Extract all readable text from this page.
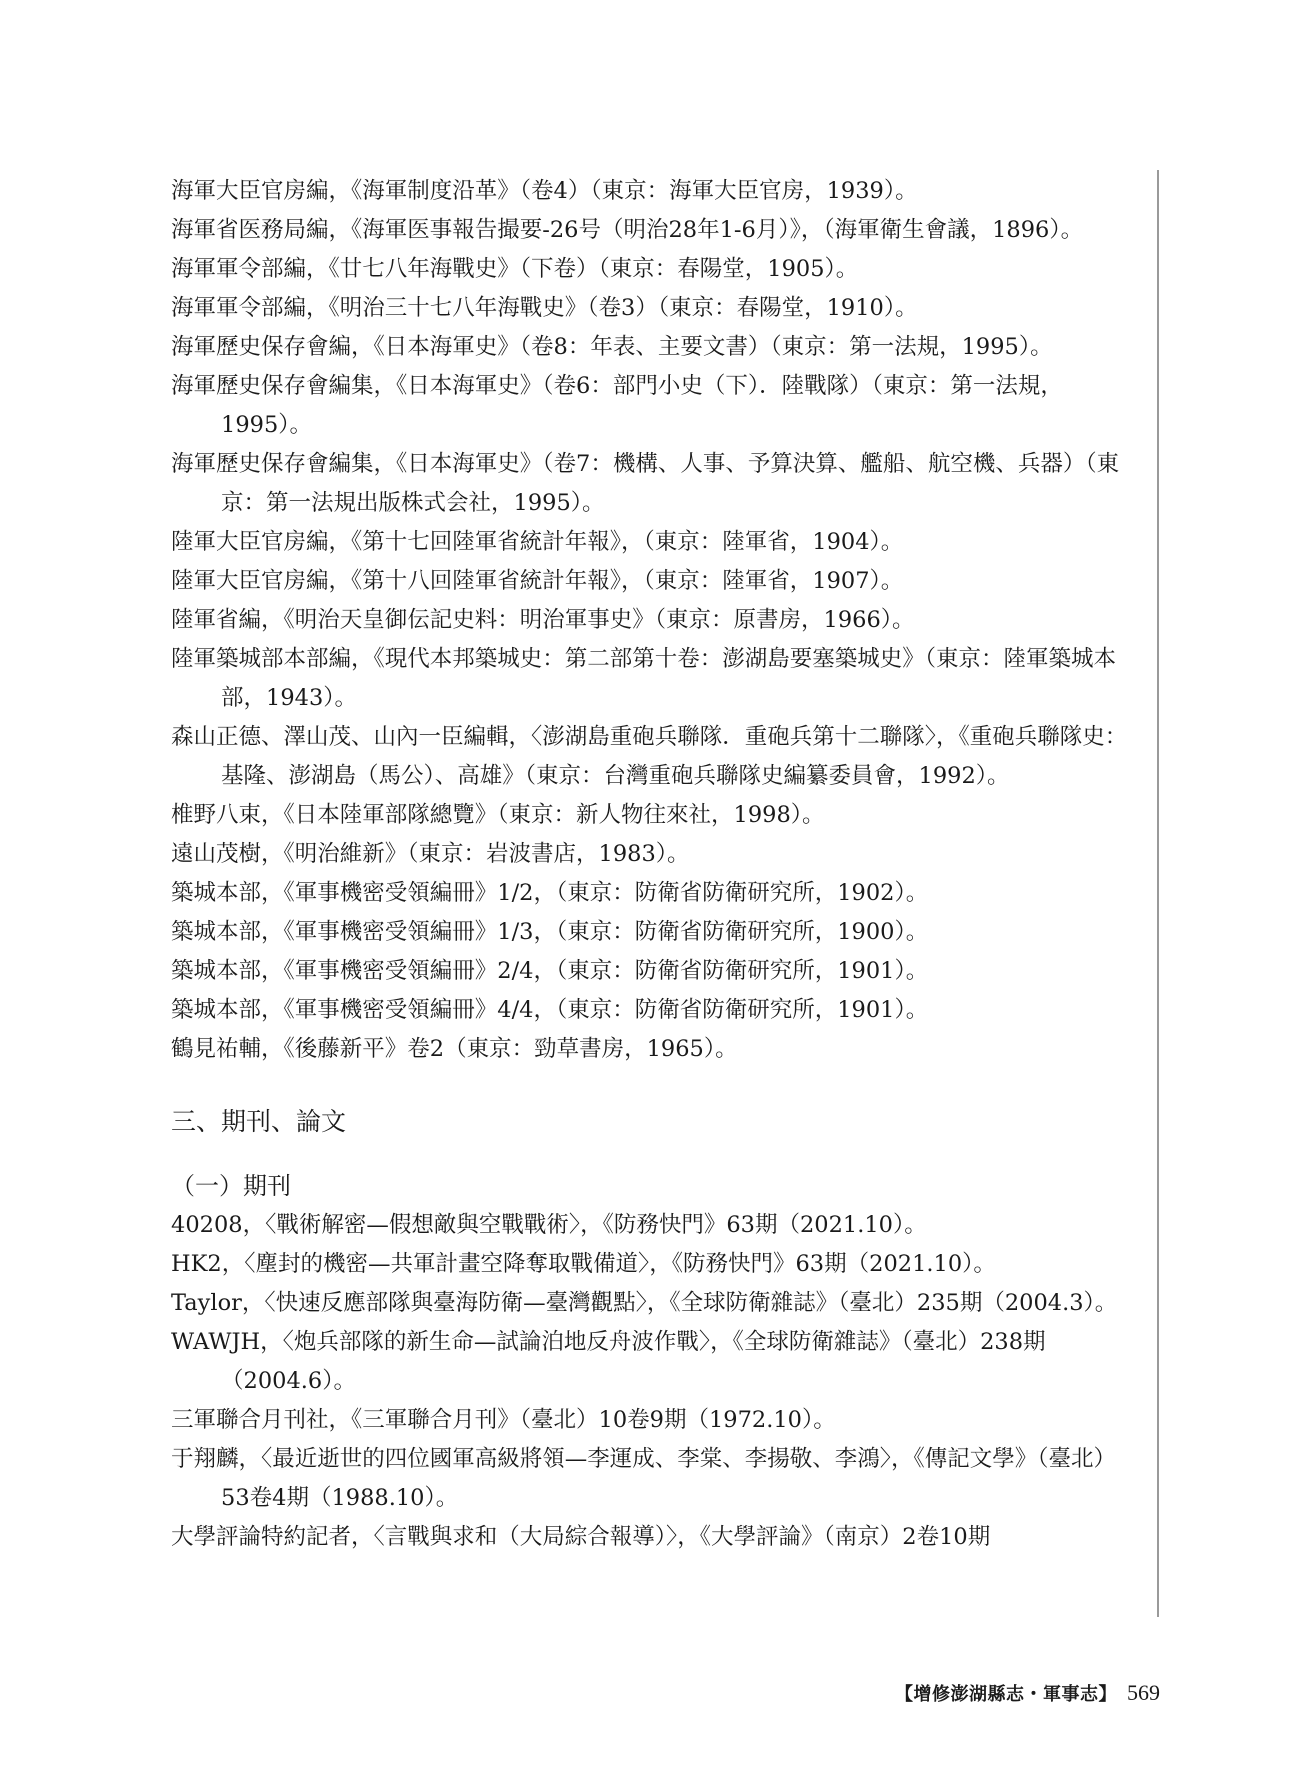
海軍大臣官房編，《海軍制度沿革》（卷4）（東京：海軍大臣官房，1939）。
海軍省医務局編，《海軍医事報告撮要-26号（明治28年1-6月）》，（海軍衛生會議，1896）。
海軍軍令部編，《廿七八年海戰史》（下卷）（東京：春陽堂，1905）。
海軍軍令部編，《明治三十七八年海戰史》（卷3）（東京：春陽堂，1910）。
海軍歷史保存會編，《日本海軍史》（卷8：年表、主要文書）（東京：第一法規，1995）。
海軍歷史保存會編集，《日本海軍史》（卷6：部門小史（下）．陸戰隊）（東京：第一法規，1995）。
海軍歷史保存會編集，《日本海軍史》（卷7：機構、人事、予算決算、艦船、航空機、兵器）（東京：第一法規出版株式会社，1995）。
陸軍大臣官房編，《第十七回陸軍省統計年報》，（東京：陸軍省，1904）。
陸軍大臣官房編，《第十八回陸軍省統計年報》，（東京：陸軍省，1907）。
陸軍省編，《明治天皇御伝記史料：明治軍事史》（東京：原書房，1966）。
陸軍築城部本部編，《現代本邦築城史：第二部第十卷：澎湖島要塞築城史》（東京：陸軍築城本部，1943）。
森山正德、澤山茂、山內一臣編輯，〈澎湖島重砲兵聯隊．重砲兵第十二聯隊〉，《重砲兵聯隊史：基隆、澎湖島（馬公）、高雄》（東京：台灣重砲兵聯隊史編纂委員會，1992）。
椎野八束，《日本陸軍部隊總覽》（東京：新人物往來社，1998）。
遠山茂樹，《明治維新》（東京：岩波書店，1983）。
築城本部，《軍事機密受領編冊》1/2，（東京：防衛省防衛研究所，1902）。
築城本部，《軍事機密受領編冊》1/3，（東京：防衛省防衛研究所，1900）。
築城本部，《軍事機密受領編冊》2/4，（東京：防衛省防衛研究所，1901）。
築城本部，《軍事機密受領編冊》4/4，（東京：防衛省防衛研究所，1901）。
鶴見祐輔，《後藤新平》卷2（東京：勁草書房，1965）。
三、期刊、論文
（一）期刊
40208，〈戰術解密—假想敵與空戰戰術〉，《防務快門》63期（2021.10）。
HK2，〈塵封的機密—共軍計畫空降奪取戰備道〉，《防務快門》63期（2021.10）。
Taylor，〈快速反應部隊與臺海防衛—臺灣觀點〉，《全球防衛雜誌》（臺北）235期（2004.3）。
WAWJH，〈炮兵部隊的新生命—試論泊地反舟波作戰〉，《全球防衛雜誌》（臺北）238期（2004.6）。
三軍聯合月刊社，《三軍聯合月刊》（臺北）10卷9期（1972.10）。
于翔麟，〈最近逝世的四位國軍高級將領—李運成、李棠、李揚敬、李鴻〉，《傳記文學》（臺北）53卷4期（1988.10）。
大學評論特約記者，〈言戰與求和（大局綜合報導）〉，《大學評論》（南京）2卷10期
【增修澎湖縣志・軍事志】 569
